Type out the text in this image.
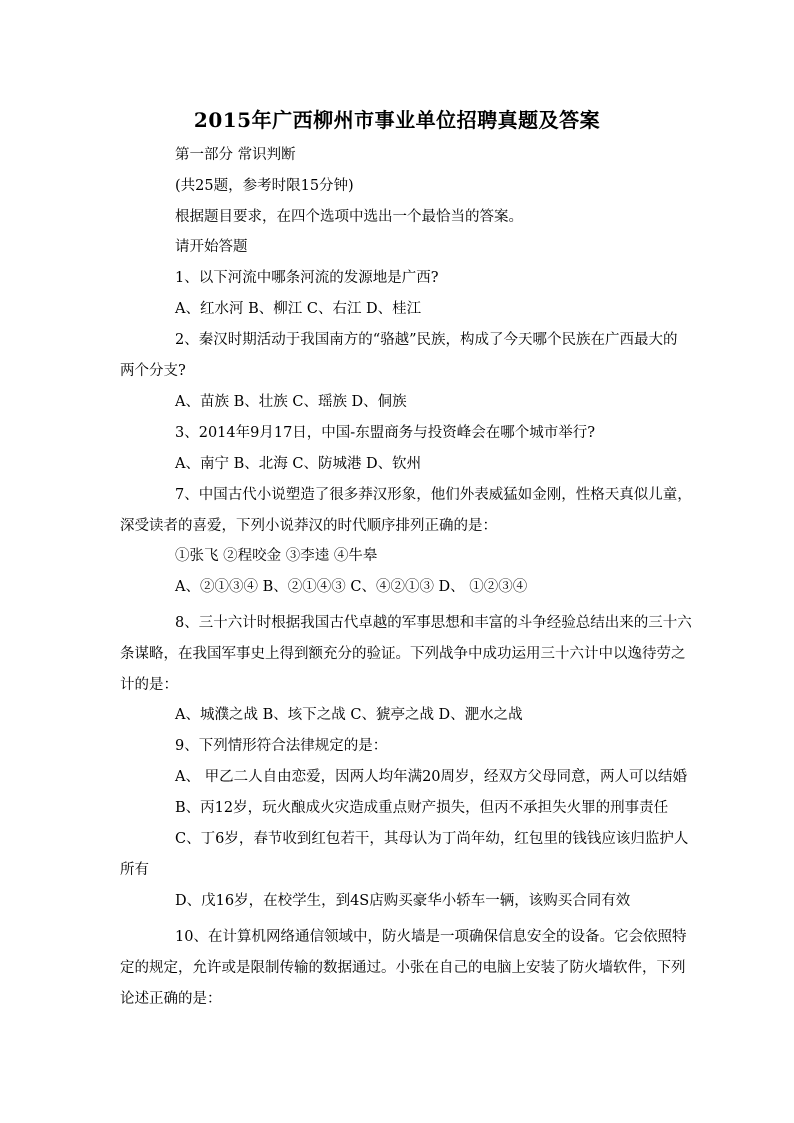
2015年广西柳州市事业单位招聘真题及答案
第一部分 常识判断
(共25题，参考时限15分钟)
根据题目要求，在四个选项中选出一个最恰当的答案。
请开始答题
1、以下河流中哪条河流的发源地是广西?
A、红水河 B、柳江 C、右江 D、桂江
2、秦汉时期活动于我国南方的“骆越”民族，构成了今天哪个民族在广西最大的
两个分支?
A、苗族 B、壮族 C、瑶族 D、侗族
3、2014年9月17日，中国-东盟商务与投资峰会在哪个城市举行?
A、南宁 B、北海 C、防城港 D、钦州
7、中国古代小说塑造了很多莽汉形象，他们外表威猛如金刚，性格天真似儿童，
深受读者的喜爱，下列小说莽汉的时代顺序排列正确的是：
①张飞 ②程咬金 ③李逵 ④牛皋
A、②①③④ B、②①④③ C、④②①③ D、 ①②③④
8、三十六计时根据我国古代卓越的军事思想和丰富的斗争经验总结出来的三十六
条谋略，在我国军事史上得到额充分的验证。下列战争中成功运用三十六计中以逸待劳之
计的是：
A、城濮之战 B、垓下之战 C、猇亭之战 D、淝水之战
9、下列情形符合法律规定的是：
A、 甲乙二人自由恋爱，因两人均年满20周岁，经双方父母同意，两人可以结婚
B、丙12岁，玩火酿成火灾造成重点财产损失，但丙不承担失火罪的刑事责任
C、丁6岁，春节收到红包若干，其母认为丁尚年幼，红包里的钱钱应该归监护人
所有
D、戊16岁，在校学生，到4S店购买豪华小轿车一辆，该购买合同有效
10、在计算机网络通信领域中，防火墙是一项确保信息安全的设备。它会依照特
定的规定，允许或是限制传输的数据通过。小张在自己的电脑上安装了防火墙软件，下列
论述正确的是：
